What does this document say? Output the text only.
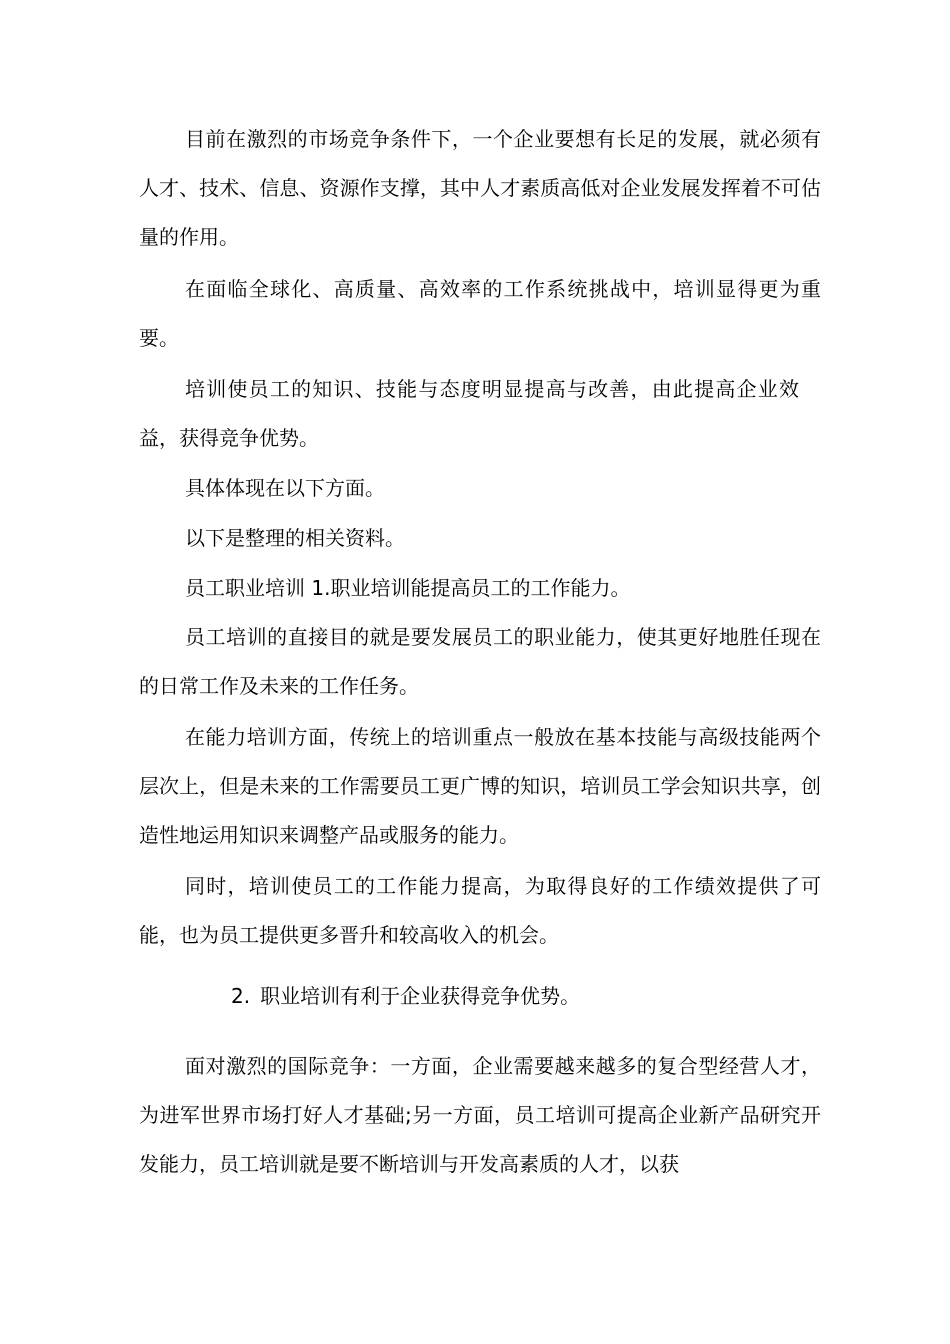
目前在激烈的市场竞争条件下，一个企业要想有长足的发展，就必须有人才、技术、信息、资源作支撑，其中人才素质高低对企业发展发挥着不可估量的作用。

在面临全球化、高质量、高效率的工作系统挑战中，培训显得更为重要。

培训使员工的知识、技能与态度明显提高与改善，由此提高企业效益，获得竞争优势。

具体体现在以下方面。

以下是整理的相关资料。

员工职业培训 1.职业培训能提高员工的工作能力。

员工培训的直接目的就是要发展员工的职业能力，使其更好地胜任现在的日常工作及未来的工作任务。

在能力培训方面，传统上的培训重点一般放在基本技能与高级技能两个层次上，但是未来的工作需要员工更广博的知识，培训员工学会知识共享，创造性地运用知识来调整产品或服务的能力。

同时，培训使员工的工作能力提高，为取得良好的工作绩效提供了可能，也为员工提供更多晋升和较高收入的机会。

2. 职业培训有利于企业获得竞争优势。

面对激烈的国际竞争：一方面，企业需要越来越多的复合型经营人才，为进军世界市场打好人才基础;另一方面，员工培训可提高企业新产品研究开发能力，员工培训就是要不断培训与开发高素质的人才，以获
